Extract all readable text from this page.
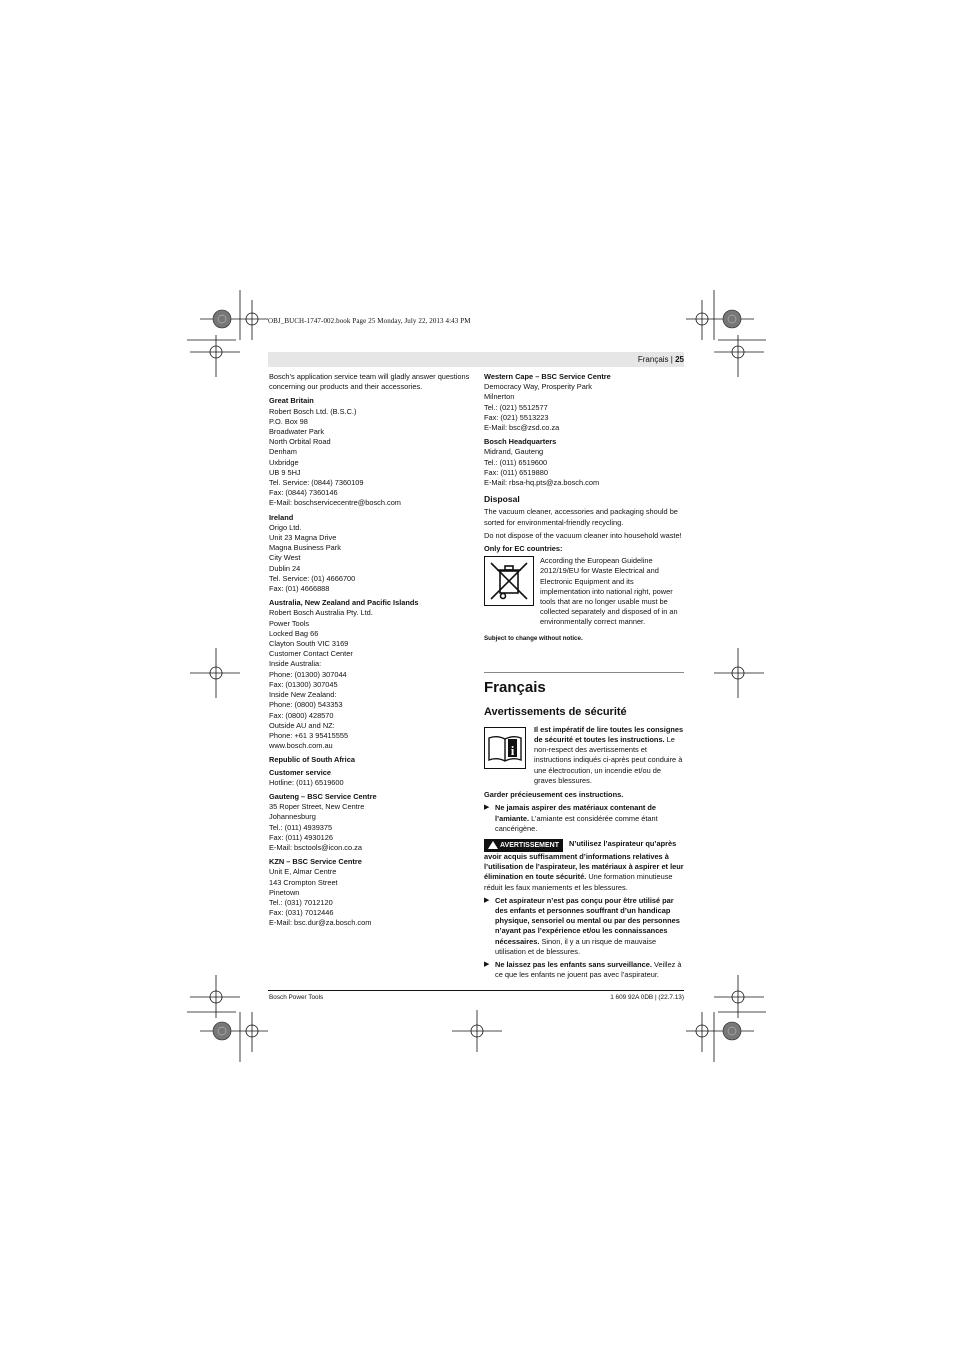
OBJ_BUCH-1747-002.book Page 25 Monday, July 22, 2013 4:43 PM
Français | 25

Bosch’s application service team will gladly answer questions concerning our products and their accessories.

Great Britain

Robert Bosch Ltd. (B.S.C.)

P.O. Box 98

Broadwater Park

North Orbital Road

Denham

Uxbridge

UB 9 5HJ

Tel. Service: (0844) 7360109

Fax: (0844) 7360146

E-Mail: boschservicecentre@bosch.com

Ireland

Origo Ltd.

Unit 23 Magna Drive

Magna Business Park

City West

Dublin 24

Tel. Service: (01) 4666700

Fax: (01) 4666888

Australia, New Zealand and Pacific Islands

Robert Bosch Australia Pty. Ltd.

Power Tools

Locked Bag 66

Clayton South VIC 3169

Customer Contact Center

Inside Australia:

Phone: (01300) 307044

Fax: (01300) 307045

Inside New Zealand:

Phone: (0800) 543353

Fax: (0800) 428570

Outside AU and NZ:

Phone: +61 3 95415555

www.bosch.com.au

Republic of South Africa

Customer service

Hotline: (011) 6519600

Gauteng – BSC Service Centre

35 Roper Street, New Centre

Johannesburg

Tel.: (011) 4939375

Fax: (011) 4930126

E-Mail: bsctools@icon.co.za

KZN – BSC Service Centre

Unit E, Almar Centre

143 Crompton Street

Pinetown

Tel.: (031) 7012120

Fax: (031) 7012446

E-Mail: bsc.dur@za.bosch.com

Western Cape – BSC Service Centre

Democracy Way, Prosperity Park

Milnerton

Tel.: (021) 5512577

Fax: (021) 5513223

E-Mail: bsc@zsd.co.za

Bosch Headquarters

Midrand, Gauteng

Tel.: (011) 6519600

Fax: (011) 6519880

E-Mail: rbsa-hq.pts@za.bosch.com

Disposal

The vacuum cleaner, accessories and packaging should be sorted for environmental-friendly recycling.

Do not dispose of the vacuum cleaner into household waste!

Only for EC countries:

According the European Guideline 2012/19/EU for Waste Electrical and Electronic Equipment and its implementation into national right, power tools that are no longer usable must be collected separately and disposed of in an environmentally correct manner.

Subject to change without notice.

Français

Avertissements de sécurité

i

Il est impératif de lire toutes les consignes de sécurité et toutes les instructions. Le non-respect des avertissements et instructions indiqués ci-après peut conduire à une électrocution, un incendie et/ou de graves blessures.

Garder précieusement ces instructions.

▶ Ne jamais aspirer des matériaux contenant de l’amiante. L’amiante est considérée comme étant cancérigène.

AVERTISSEMENT N’utilisez l’aspirateur qu’après avoir acquis suffisamment d’informations relatives à l’utilisation de l’aspirateur, les matériaux à aspirer et leur élimination en toute sécurité. Une formation minutieuse réduit les faux maniements et les blessures.

▶ Cet aspirateur n’est pas conçu pour être utilisé par des enfants et personnes souffrant d’un handicap physique, sensoriel ou mental ou par des personnes n’ayant pas l’expérience et/ou les connaissances nécessaires. Sinon, il y a un risque de mauvaise utilisation et de blessures.

▶ Ne laissez pas les enfants sans surveillance. Veillez à ce que les enfants ne jouent pas avec l’aspirateur.

Bosch Power Tools	1 609 92A 0DB | (22.7.13)
